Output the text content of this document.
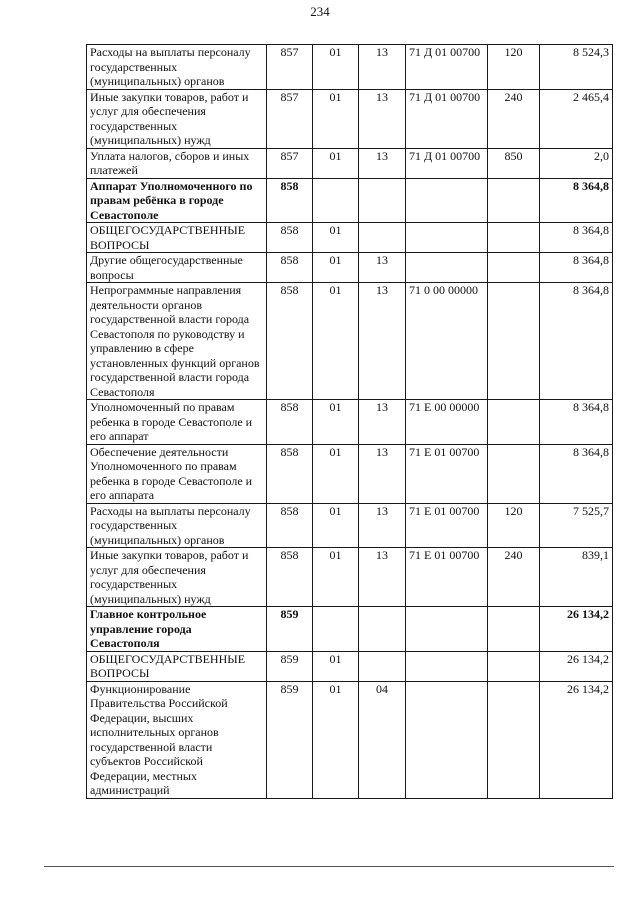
234
Расходы на выплаты персоналу государственных (муниципальных) органов	857	01	13	71 Д 01 00700	120	8 524,3
Иные закупки товаров, работ и услуг для обеспечения государственных (муниципальных) нужд	857	01	13	71 Д 01 00700	240	2 465,4
Уплата налогов, сборов и иных платежей	857	01	13	71 Д 01 00700	850	2,0
Аппарат Уполномоченного по правам ребёнка в городе Севастополе	858					8 364,8
ОБЩЕГОСУДАРСТВЕННЫЕ ВОПРОСЫ	858	01				8 364,8
Другие общегосударственные вопросы	858	01	13			8 364,8
Непрограммные направления деятельности органов государственной власти города Севастополя по руководству и управлению в сфере установленных функций органов государственной власти города Севастополя	858	01	13	71 0 00 00000		8 364,8
Уполномоченный по правам ребенка в городе Севастополе и его аппарат	858	01	13	71 Е 00 00000		8 364,8
Обеспечение деятельности Уполномоченного по правам ребенка в городе Севастополе и его аппарата	858	01	13	71 Е 01 00700		8 364,8
Расходы на выплаты персоналу государственных (муниципальных) органов	858	01	13	71 Е 01 00700	120	7 525,7
Иные закупки товаров, работ и услуг для обеспечения государственных (муниципальных) нужд	858	01	13	71 Е 01 00700	240	839,1
Главное контрольное управление города Севастополя	859					26 134,2
ОБЩЕГОСУДАРСТВЕННЫЕ ВОПРОСЫ	859	01				26 134,2
Функционирование Правительства Российской Федерации, высших исполнительных органов государственной власти субъектов Российской Федерации, местных администраций	859	01	04			26 134,2
